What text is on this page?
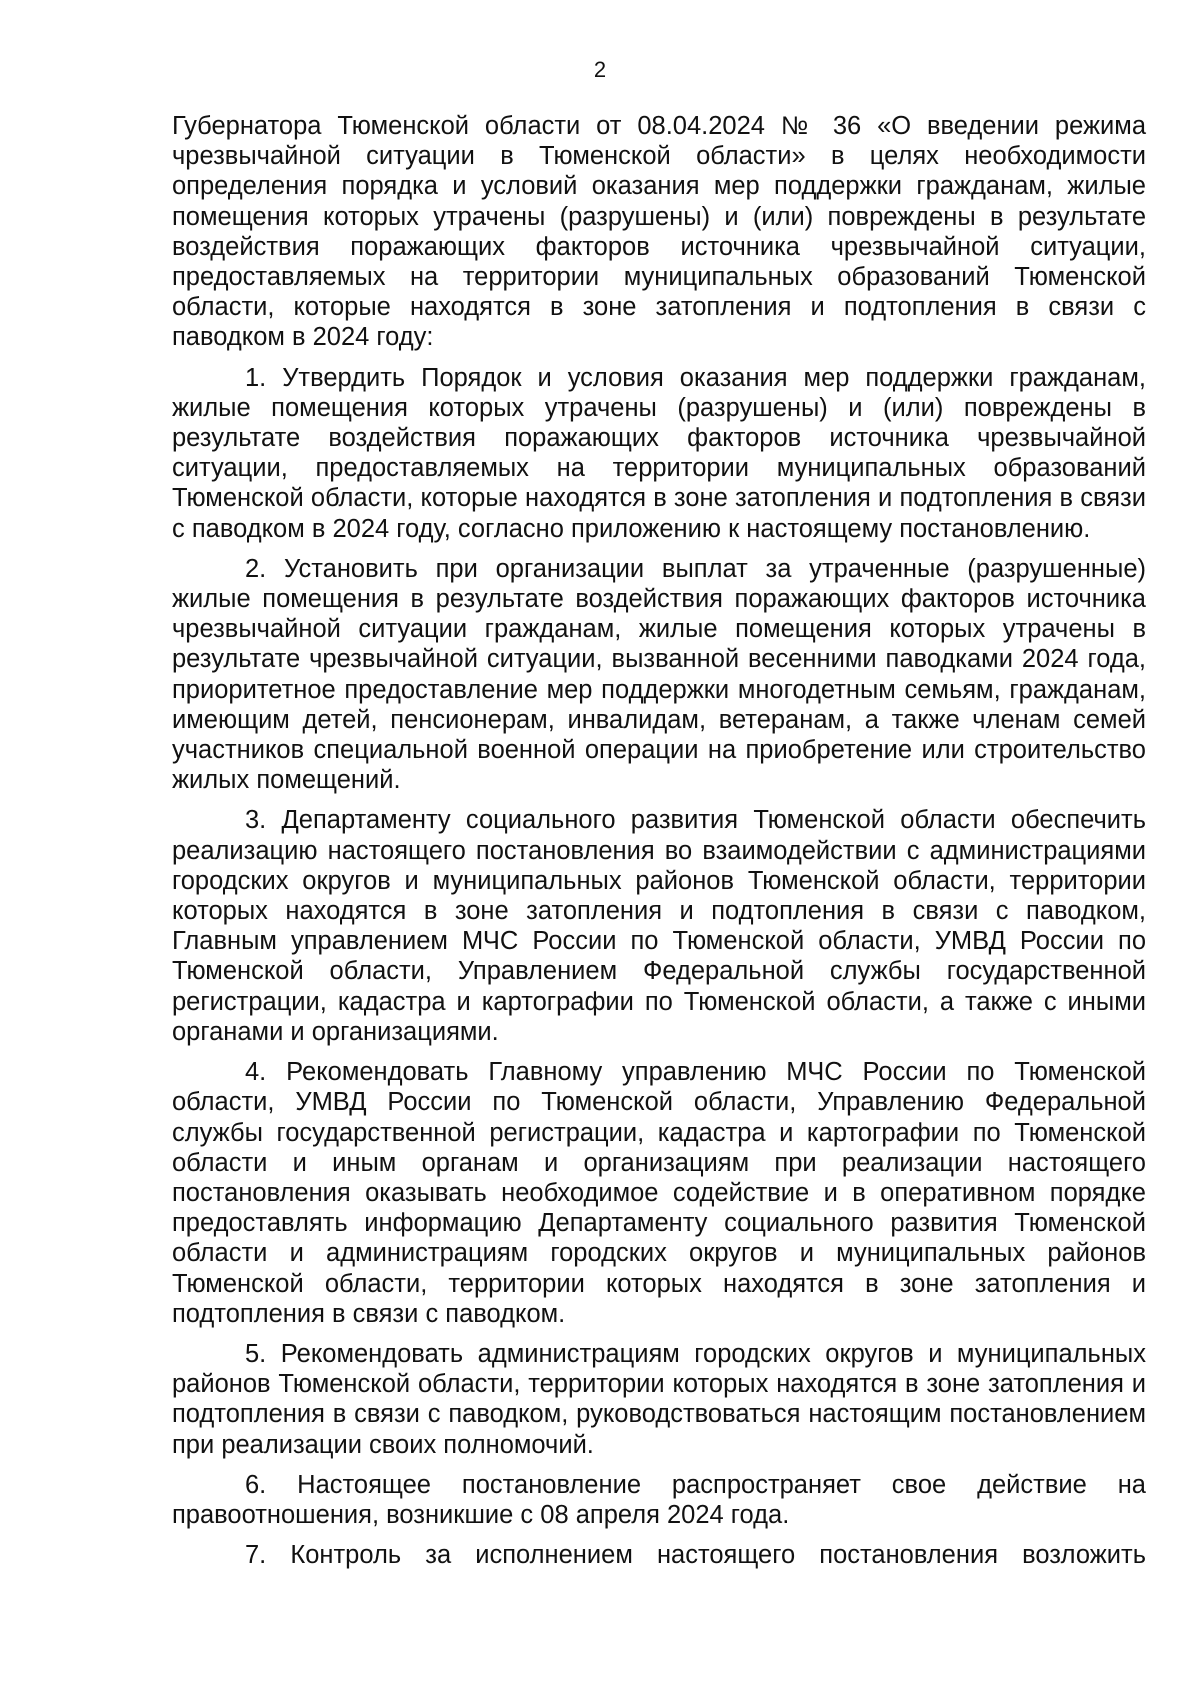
2

Губернатора Тюменской области от 08.04.2024 № 36 «О введении режима чрезвычайной ситуации в Тюменской области» в целях необходимости определения порядка и условий оказания мер поддержки гражданам, жилые помещения которых утрачены (разрушены) и (или) повреждены в результате воздействия поражающих факторов источника чрезвычайной ситуации, предоставляемых на территории муниципальных образований Тюменской области, которые находятся в зоне затопления и подтопления в связи с паводком в 2024 году:

1. Утвердить Порядок и условия оказания мер поддержки гражданам, жилые помещения которых утрачены (разрушены) и (или) повреждены в результате воздействия поражающих факторов источника чрезвычайной ситуации, предоставляемых на территории муниципальных образований Тюменской области, которые находятся в зоне затопления и подтопления в связи с паводком в 2024 году, согласно приложению к настоящему постановлению.

2. Установить при организации выплат за утраченные (разрушенные) жилые помещения в результате воздействия поражающих факторов источника чрезвычайной ситуации гражданам, жилые помещения которых утрачены в результате чрезвычайной ситуации, вызванной весенними паводками 2024 года, приоритетное предоставление мер поддержки многодетным семьям, гражданам, имеющим детей, пенсионерам, инвалидам, ветеранам, а также членам семей участников специальной военной операции на приобретение или строительство жилых помещений.

3. Департаменту социального развития Тюменской области обеспечить реализацию настоящего постановления во взаимодействии с администрациями городских округов и муниципальных районов Тюменской области, территории которых находятся в зоне затопления и подтопления в связи с паводком, Главным управлением МЧС России по Тюменской области, УМВД России по Тюменской области, Управлением Федеральной службы государственной регистрации, кадастра и картографии по Тюменской области, а также с иными органами и организациями.

4. Рекомендовать Главному управлению МЧС России по Тюменской области, УМВД России по Тюменской области, Управлению Федеральной службы государственной регистрации, кадастра и картографии по Тюменской области и иным органам и организациям при реализации настоящего постановления оказывать необходимое содействие и в оперативном порядке предоставлять информацию Департаменту социального развития Тюменской области и администрациям городских округов и муниципальных районов Тюменской области, территории которых находятся в зоне затопления и подтопления в связи с паводком.

5. Рекомендовать администрациям городских округов и муниципальных районов Тюменской области, территории которых находятся в зоне затопления и подтопления в связи с паводком, руководствоваться настоящим постановлением при реализации своих полномочий.

6. Настоящее постановление распространяет свое действие на правоотношения, возникшие с 08 апреля 2024 года.

7. Контроль за исполнением настоящего постановления возложить
